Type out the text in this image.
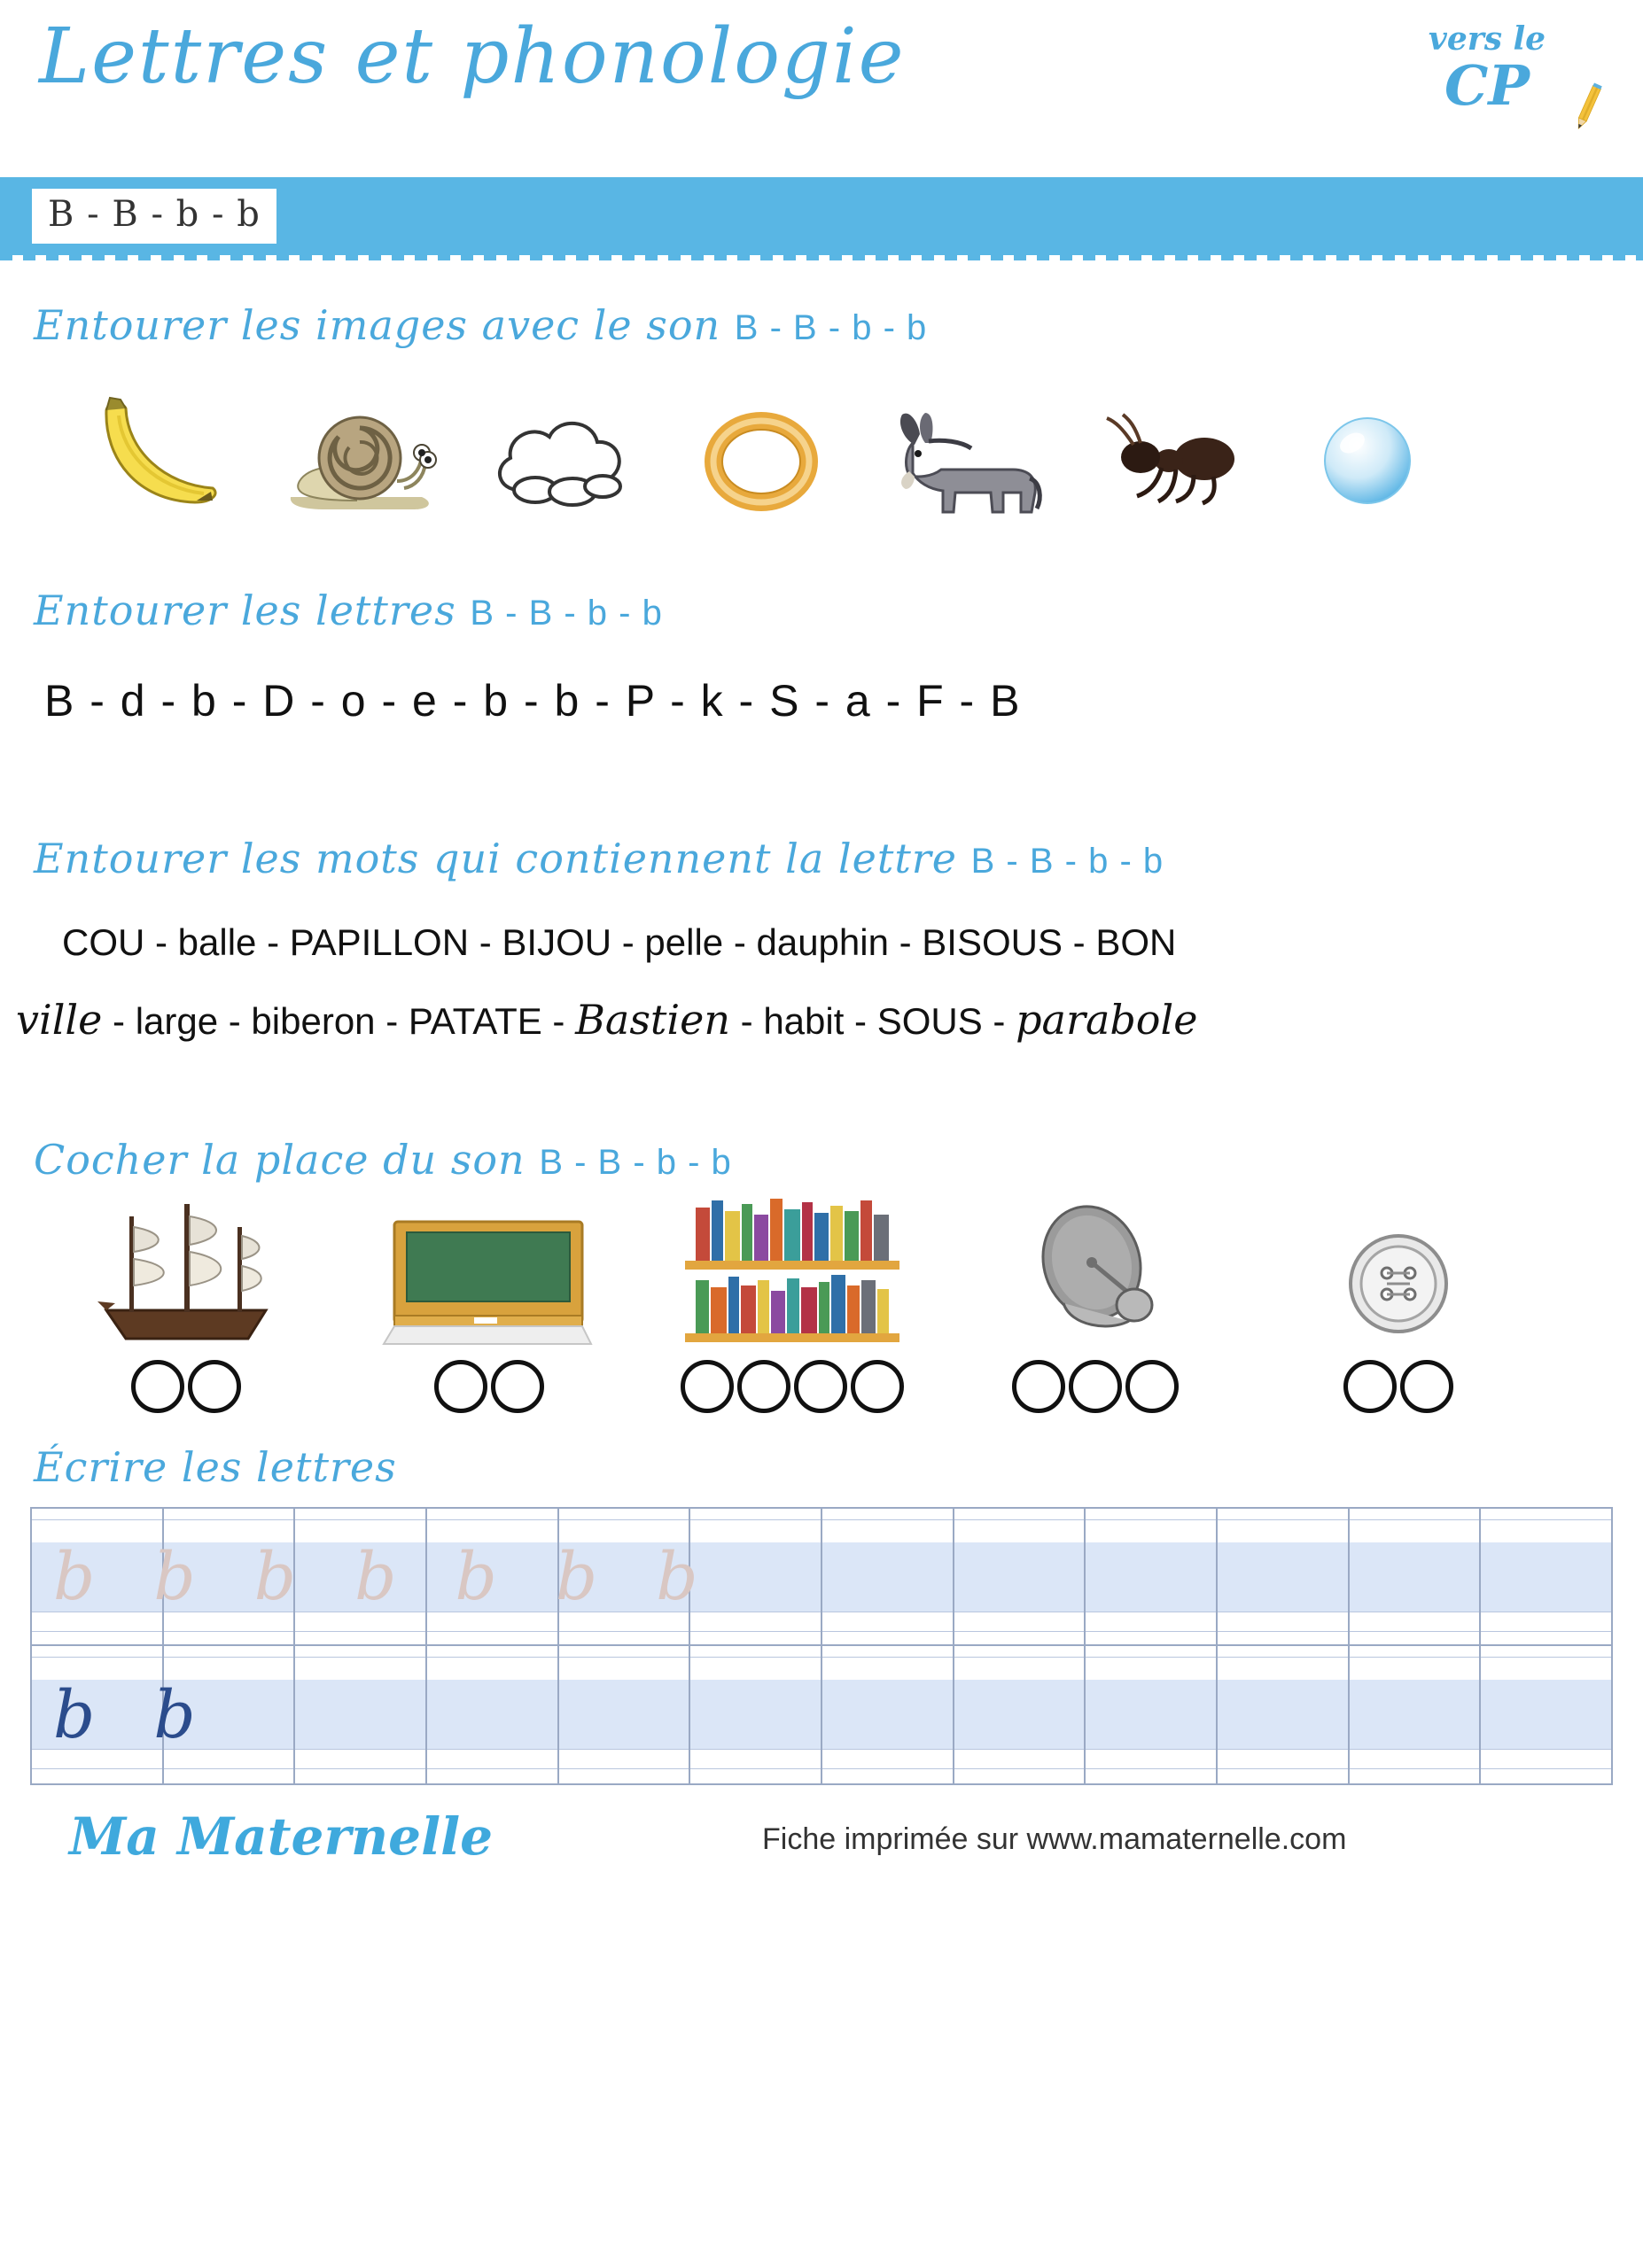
Lettres et phonologie	vers le
CP
B - B - b - b
Entourer les images avec le son B - B - b - b
Entourer les lettres B - B - b - b
B - d - b - D - o - e - b - b - P - k - S - a - F - B
Entourer les mots qui contiennent la lettre B - B - b - b
COU - balle - PAPILLON - BIJOU - pelle - dauphin - BISOUS - BON
ville - large - biberon - PATATE - Bastien - habit - SOUS - parabole
Cocher la place du son B - B - b - b
Écrire les lettres
b b b b b b b
b b
Ma Maternelle	Fiche imprimée sur www.mamaternelle.com
